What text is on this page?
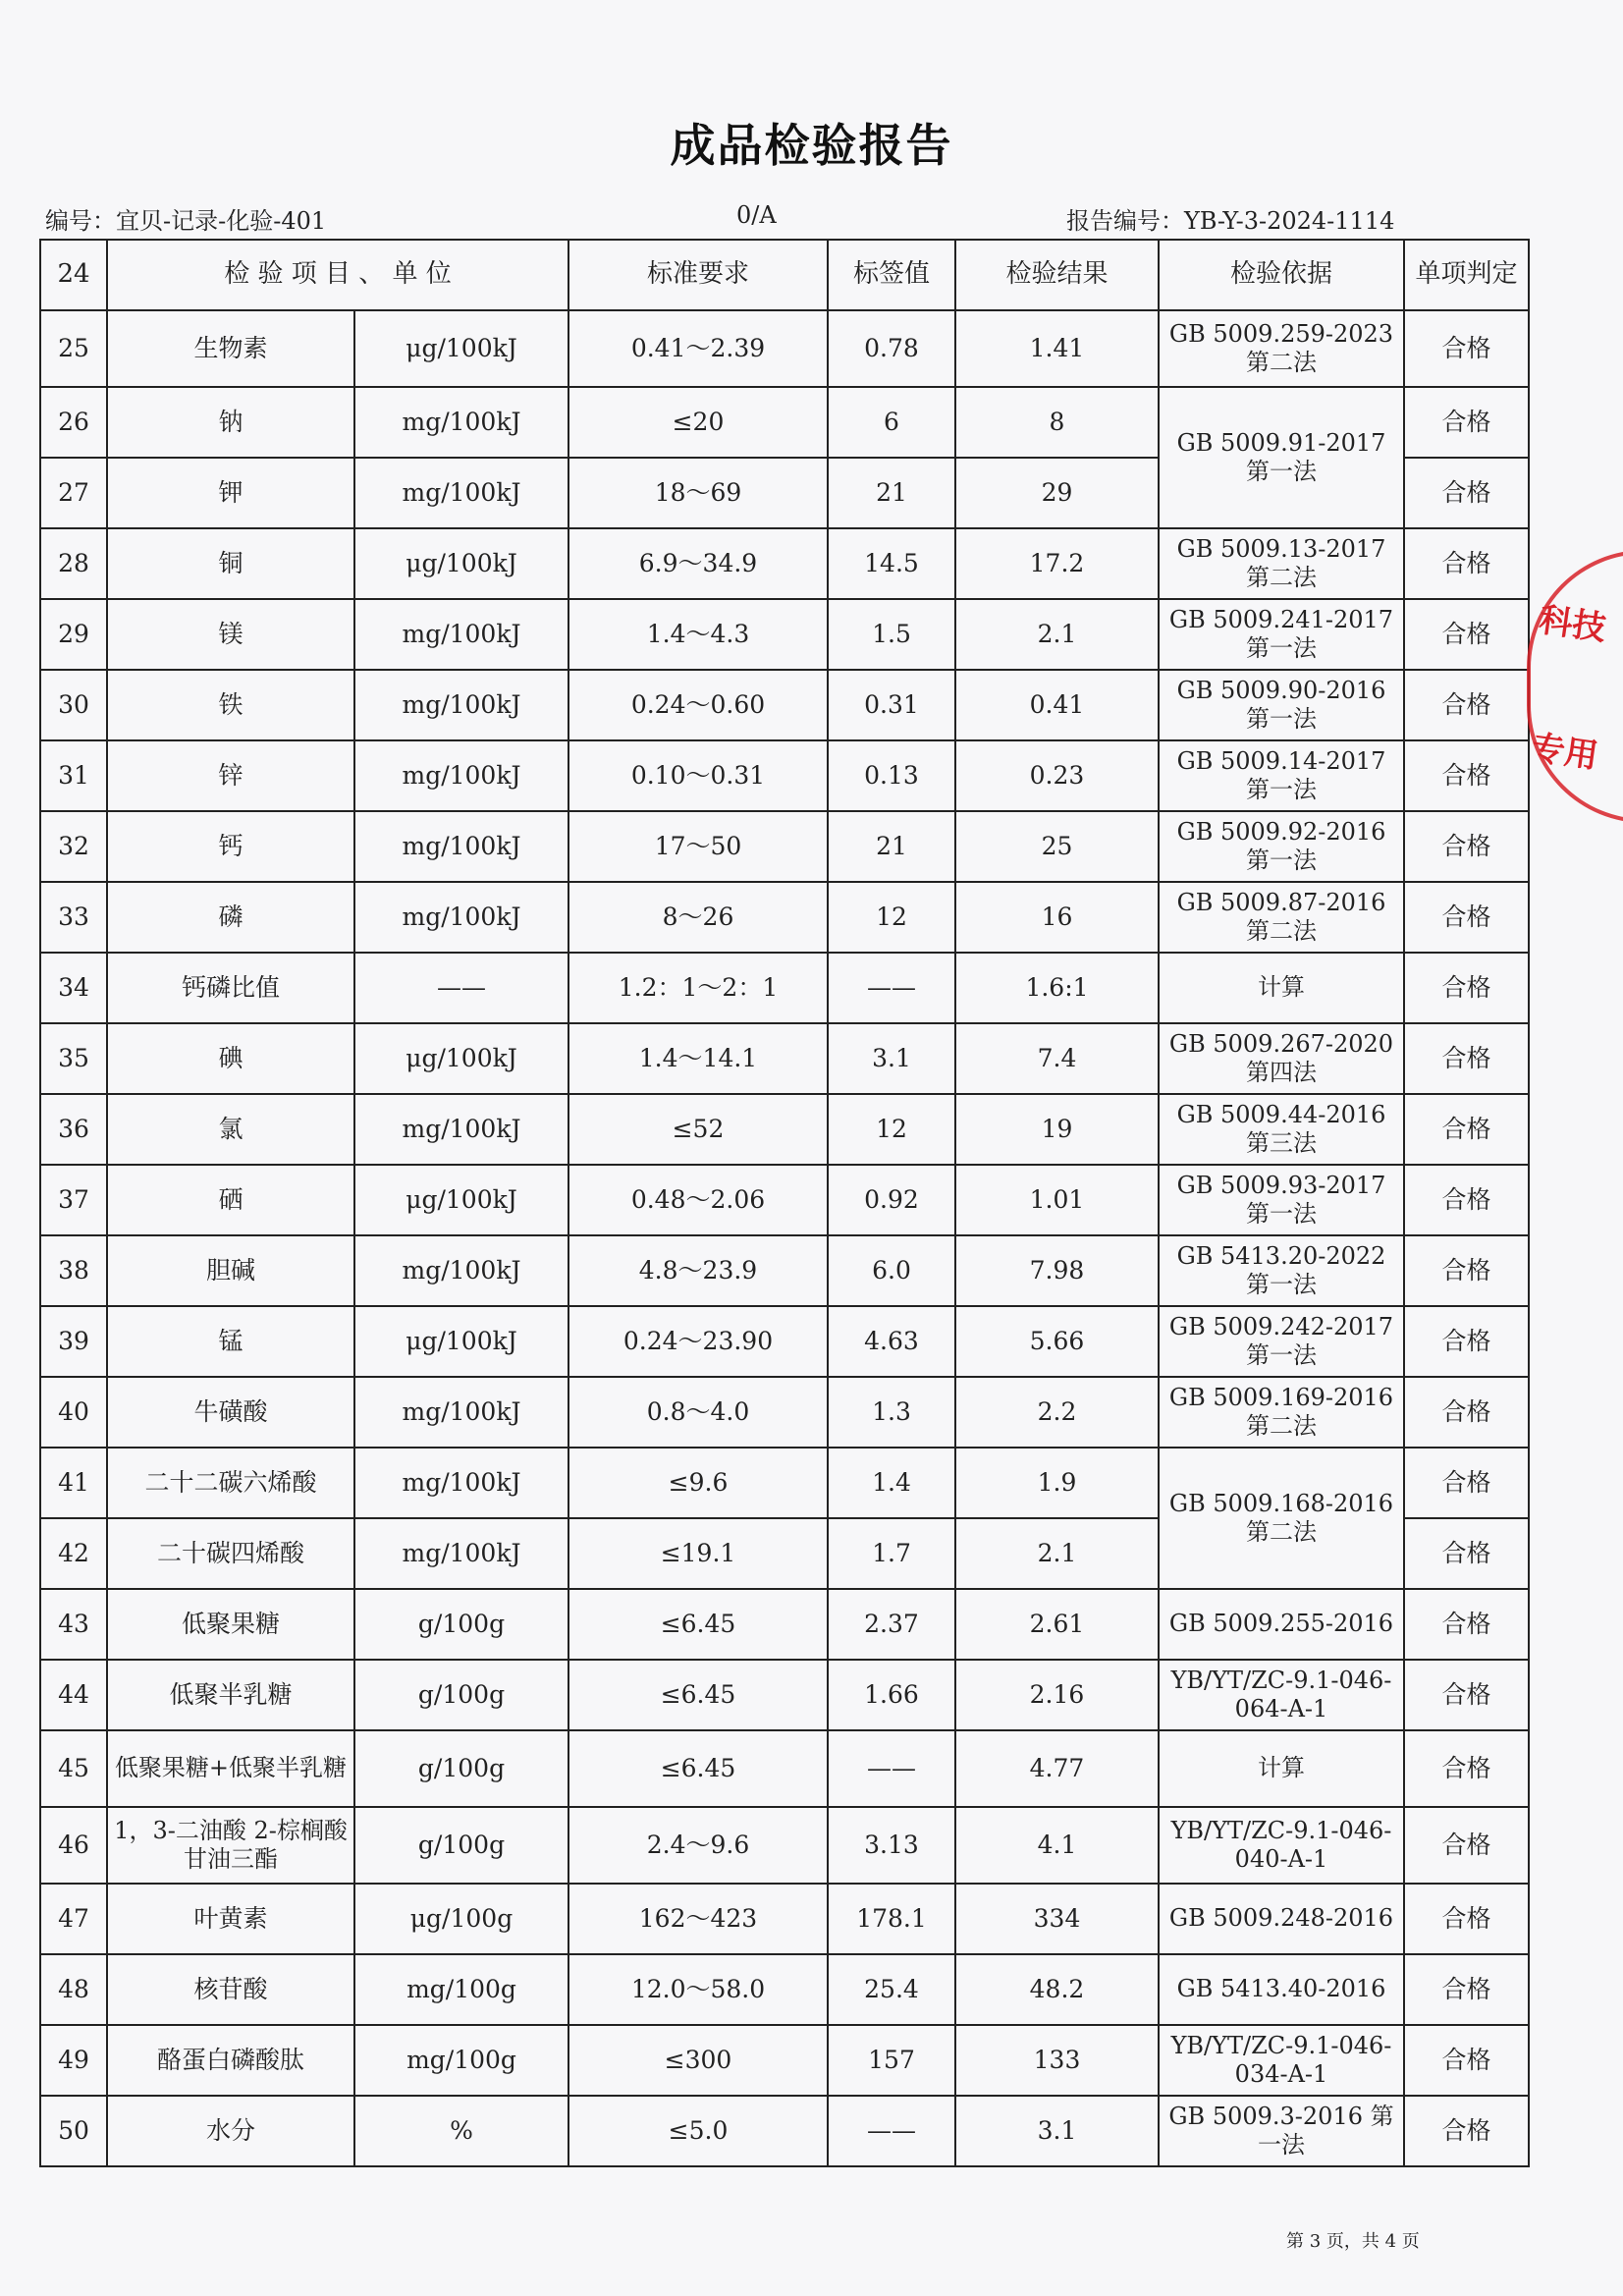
成品检验报告
编号：宜贝-记录-化验-401	0/A	报告编号：YB-Y-3-2024-1114
24	检 验 项 目 、 单 位		标准要求	标签值	检验结果	检验依据	单项判定
25	生物素	μg/100kJ	0.41～2.39	0.78	1.41	GB 5009.259-2023 第二法	合格
26	钠	mg/100kJ	≤20	6	8	GB 5009.91-2017 第一法	合格
27	钾	mg/100kJ	18～69	21	29		合格
28	铜	μg/100kJ	6.9～34.9	14.5	17.2	GB 5009.13-2017 第二法	合格
29	镁	mg/100kJ	1.4～4.3	1.5	2.1	GB 5009.241-2017 第一法	合格
30	铁	mg/100kJ	0.24～0.60	0.31	0.41	GB 5009.90-2016 第一法	合格
31	锌	mg/100kJ	0.10～0.31	0.13	0.23	GB 5009.14-2017 第一法	合格
32	钙	mg/100kJ	17～50	21	25	GB 5009.92-2016 第一法	合格
33	磷	mg/100kJ	8～26	12	16	GB 5009.87-2016 第二法	合格
34	钙磷比值	——	1.2：1～2：1	——	1.6:1	计算	合格
35	碘	μg/100kJ	1.4～14.1	3.1	7.4	GB 5009.267-2020 第四法	合格
36	氯	mg/100kJ	≤52	12	19	GB 5009.44-2016 第三法	合格
37	硒	μg/100kJ	0.48～2.06	0.92	1.01	GB 5009.93-2017 第一法	合格
38	胆碱	mg/100kJ	4.8～23.9	6.0	7.98	GB 5413.20-2022 第一法	合格
39	锰	μg/100kJ	0.24～23.90	4.63	5.66	GB 5009.242-2017 第一法	合格
40	牛磺酸	mg/100kJ	0.8～4.0	1.3	2.2	GB 5009.169-2016 第二法	合格
41	二十二碳六烯酸	mg/100kJ	≤9.6	1.4	1.9	GB 5009.168-2016 第二法	合格
42	二十碳四烯酸	mg/100kJ	≤19.1	1.7	2.1		合格
43	低聚果糖	g/100g	≤6.45	2.37	2.61	GB 5009.255-2016	合格
44	低聚半乳糖	g/100g	≤6.45	1.66	2.16	YB/YT/ZC-9.1-046-064-A-1	合格
45	低聚果糖+低聚半乳糖	g/100g	≤6.45	——	4.77	计算	合格
46	1，3-二油酸 2-棕榈酸甘油三酯	g/100g	2.4～9.6	3.13	4.1	YB/YT/ZC-9.1-046-040-A-1	合格
47	叶黄素	μg/100g	162～423	178.1	334	GB 5009.248-2016	合格
48	核苷酸	mg/100g	12.0～58.0	25.4	48.2	GB 5413.40-2016	合格
49	酪蛋白磷酸肽	mg/100g	≤300	157	133	YB/YT/ZC-9.1-046-034-A-1	合格
50	水分	%	≤5.0	——	3.1	GB 5009.3-2016 第一法	合格
科技
专用
第 3 页，共 4 页
